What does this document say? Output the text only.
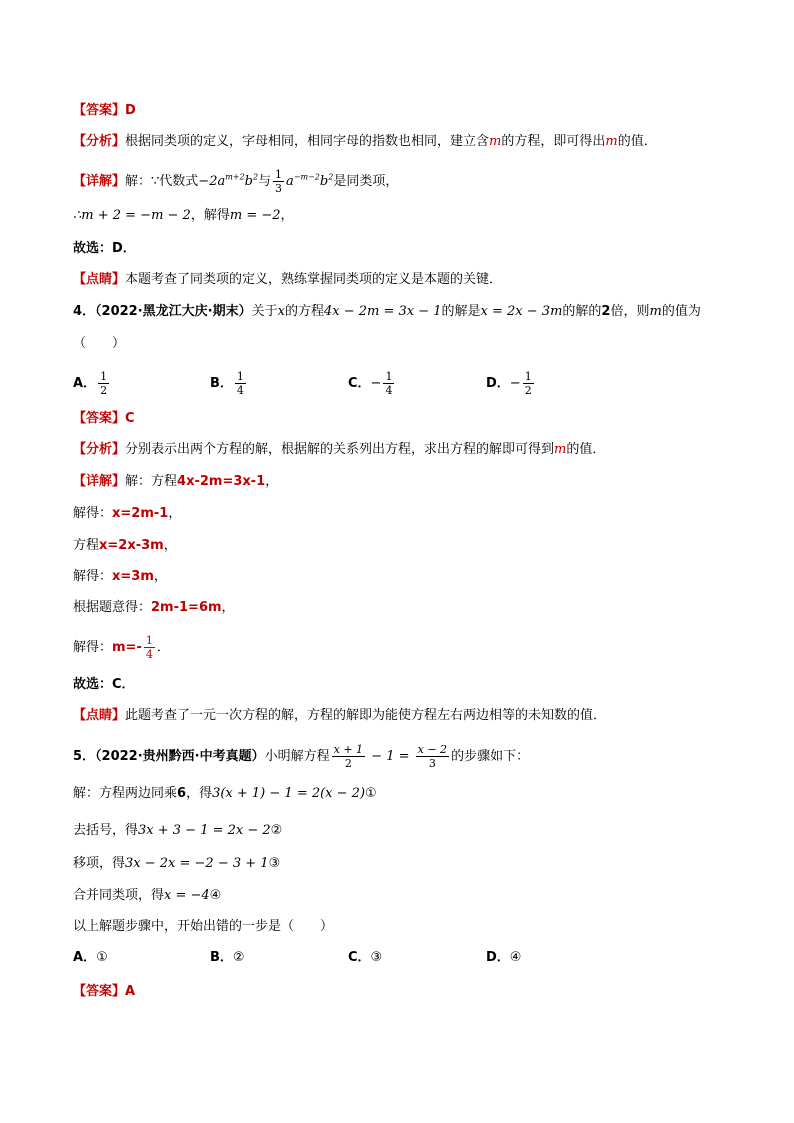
【答案】D
【分析】根据同类项的定义，字母相同，相同字母的指数也相同，建立含m的方程，即可得出m的值．
【详解】解：∵代数式$-2a^{m+2}b^2$与 $\frac{1}{3} a^{-m-2}b^2$是同类项，
∴m + 2 = −m − 2，解得m = −2，
故选：D．
【点睛】本题考查了同类项的定义，熟练掌握同类项的定义是本题的关键．
4．（2022·黑龙江大庆·期末）关于x的方程4x − 2m = 3x − 1的解是x = 2x − 3m的解的2倍，则m的值为
（　　）
A． $\frac{1}{2}$	B． $\frac{1}{4}$	C．− $\frac{1}{4}$	D．− $\frac{1}{2}$
【答案】C
【分析】分别表示出两个方程的解，根据解的关系列出方程，求出方程的解即可得到m的值．
【详解】解：方程4x-2m=3x-1，
解得：x=2m-1，
方程x=2x-3m，
解得：x=3m，
根据题意得：2m-1=6m，
解得：$m=- \frac{1}{4}$ ．
故选：C．
【点睛】此题考查了一元一次方程的解，方程的解即为能使方程左右两边相等的未知数的值．
5．（2022·贵州黔西·中考真题）小明解方程 $\frac{x + 1}{2} - 1 = \frac{x - 2}{3}$ 的步骤如下：
解：方程两边同乘6，得3(x + 1) − 1 = 2(x − 2)①
去括号，得3x + 3 − 1 = 2x − 2②
移项，得3x − 2x = −2 − 3 + 1③
合并同类项，得x = −4④
以上解题步骤中，开始出错的一步是（　　）
A．①	B．②	C．③	D．④
【答案】A
